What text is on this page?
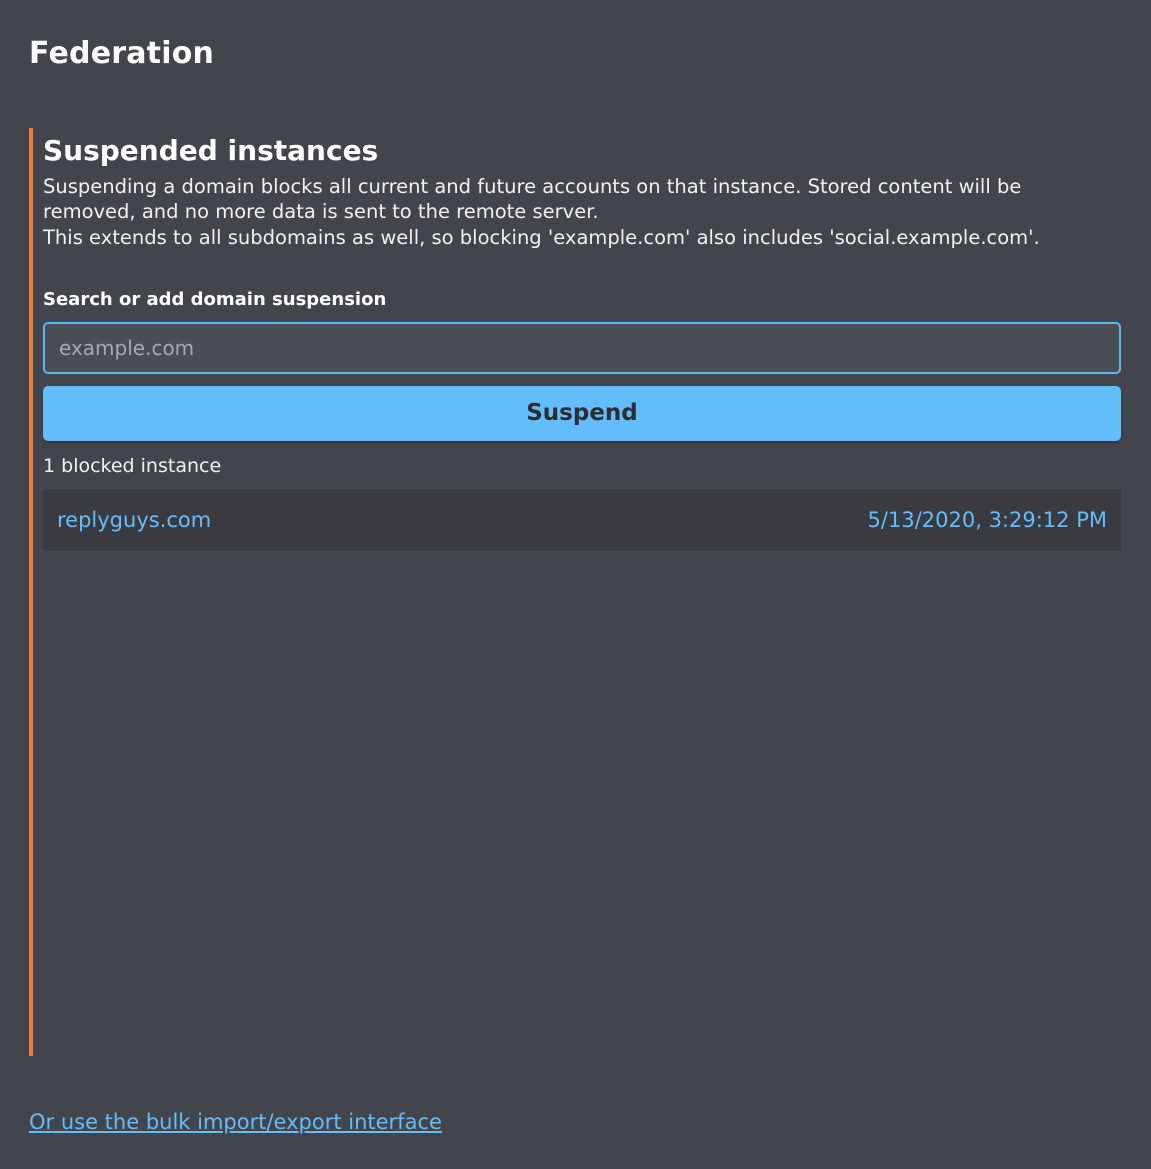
Federation
Suspended instances

Suspending a domain blocks all current and future accounts on that instance. Stored content will be removed, and no more data is sent to the remote server.

This extends to all subdomains as well, so blocking 'example.com' also includes 'social.example.com'.

Search or add domain suspension
example.com
Suspend
1 blocked instance
replyguys.com	5/13/2020, 3:29:12 PM
Or use the bulk import/export interface
